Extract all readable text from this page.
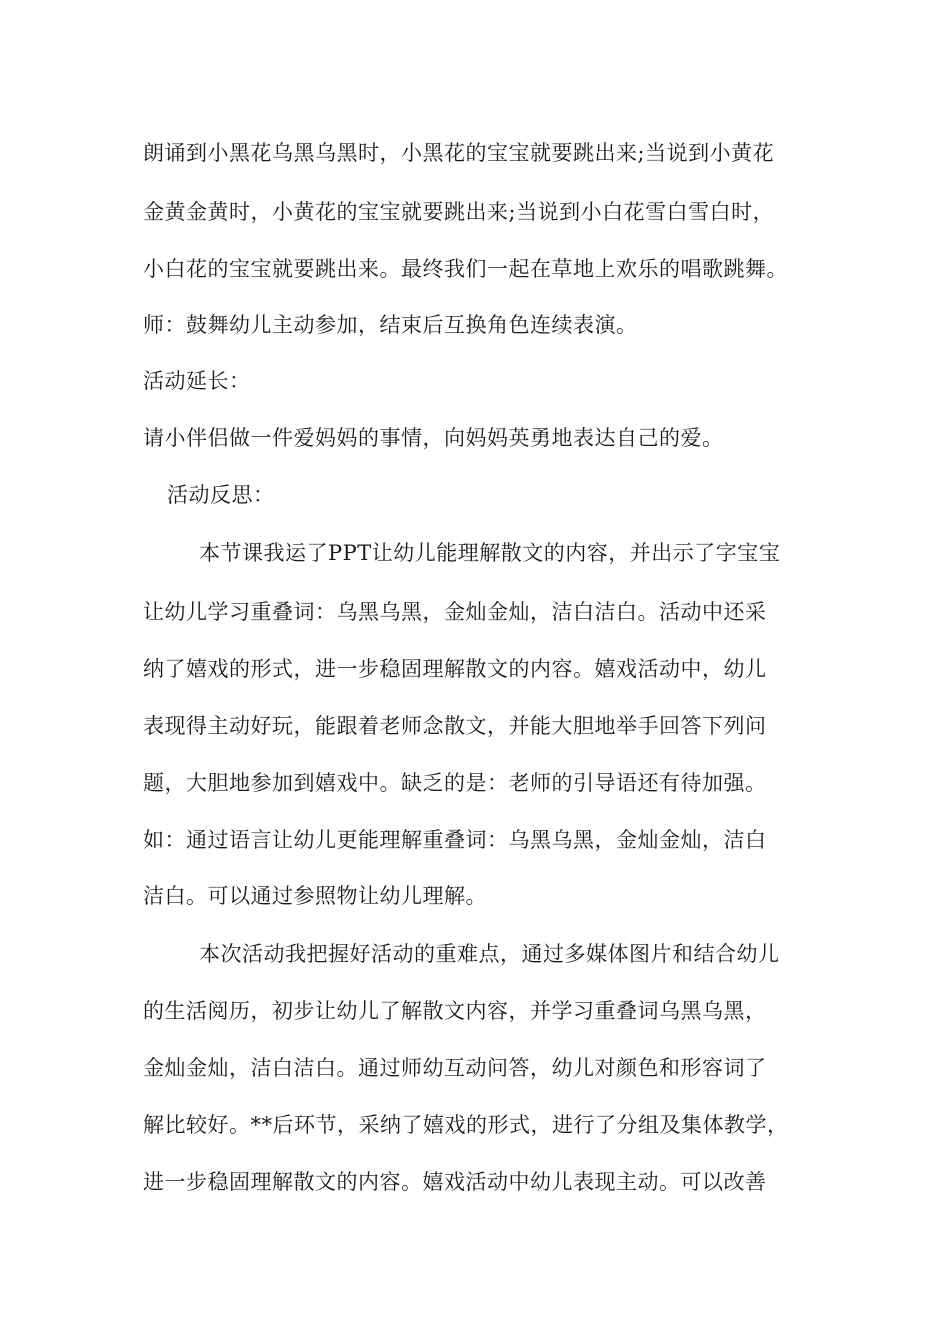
朗诵到小黑花乌黑乌黑时，小黑花的宝宝就要跳出来;当说到小黄花
金黄金黄时，小黄花的宝宝就要跳出来;当说到小白花雪白雪白时，
小白花的宝宝就要跳出来。最终我们一起在草地上欢乐的唱歌跳舞。
师：鼓舞幼儿主动参加，结束后互换角色连续表演。
活动延长：
请小伴侣做一件爱妈妈的事情，向妈妈英勇地表达自己的爱。
活动反思：
本节课我运了PPT让幼儿能理解散文的内容，并出示了字宝宝
让幼儿学习重叠词：乌黑乌黑，金灿金灿，洁白洁白。活动中还采
纳了嬉戏的形式，进一步稳固理解散文的内容。嬉戏活动中，幼儿
表现得主动好玩，能跟着老师念散文，并能大胆地举手回答下列问
题，大胆地参加到嬉戏中。缺乏的是：老师的引导语还有待加强。
如：通过语言让幼儿更能理解重叠词：乌黑乌黑，金灿金灿，洁白
洁白。可以通过参照物让幼儿理解。
本次活动我把握好活动的重难点，通过多媒体图片和结合幼儿
的生活阅历，初步让幼儿了解散文内容，并学习重叠词乌黑乌黑，
金灿金灿，洁白洁白。通过师幼互动问答，幼儿对颜色和形容词了
解比较好。**后环节，采纳了嬉戏的形式，进行了分组及集体教学，
进一步稳固理解散文的内容。嬉戏活动中幼儿表现主动。可以改善
